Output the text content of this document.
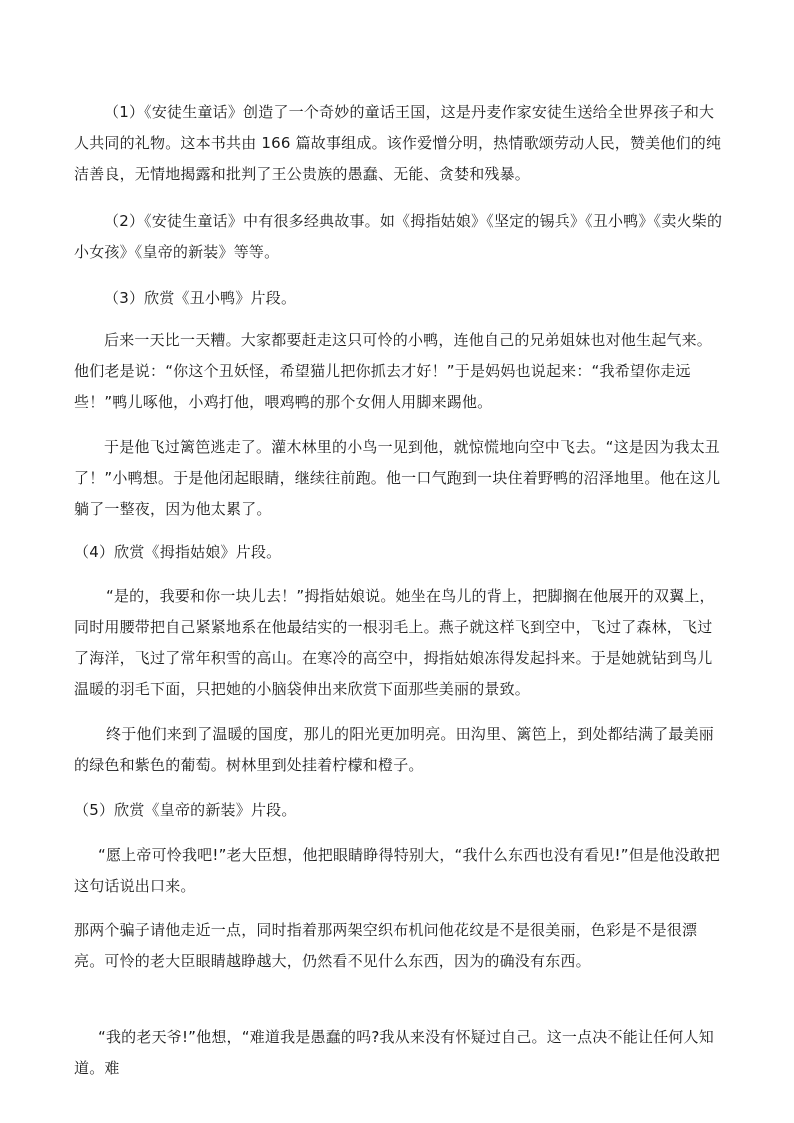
（1）《安徒生童话》创造了一个奇妙的童话王国，这是丹麦作家安徒生送给全世界孩子和大人共同的礼物。这本书共由 166 篇故事组成。该作爱憎分明，热情歌颂劳动人民，赞美他们的纯洁善良，无情地揭露和批判了王公贵族的愚蠢、无能、贪婪和残暴。

（2）《安徒生童话》中有很多经典故事。如《拇指姑娘》《坚定的锡兵》《丑小鸭》《卖火柴的小女孩》《皇帝的新装》等等。

（3）欣赏《丑小鸭》片段。

后来一天比一天糟。大家都要赶走这只可怜的小鸭，连他自己的兄弟姐妹也对他生起气来。他们老是说：“你这个丑妖怪，希望猫儿把你抓去才好！”于是妈妈也说起来：“我希望你走远些！”鸭儿啄他，小鸡打他，喂鸡鸭的那个女佣人用脚来踢他。

于是他飞过篱笆逃走了。灌木林里的小鸟一见到他，就惊慌地向空中飞去。“这是因为我太丑了！”小鸭想。于是他闭起眼睛，继续往前跑。他一口气跑到一块住着野鸭的沼泽地里。他在这儿躺了一整夜，因为他太累了。

（4）欣赏《拇指姑娘》片段。

“是的，我要和你一块儿去！”拇指姑娘说。她坐在鸟儿的背上，把脚搁在他展开的双翼上，同时用腰带把自己紧紧地系在他最结实的一根羽毛上。燕子就这样飞到空中，飞过了森林，飞过了海洋，飞过了常年积雪的高山。在寒冷的高空中，拇指姑娘冻得发起抖来。于是她就钻到鸟儿温暖的羽毛下面，只把她的小脑袋伸出来欣赏下面那些美丽的景致。

终于他们来到了温暖的国度，那儿的阳光更加明亮。田沟里、篱笆上，到处都结满了最美丽的绿色和紫色的葡萄。树林里到处挂着柠檬和橙子。

（5）欣赏《皇帝的新装》片段。

“愿上帝可怜我吧!”老大臣想，他把眼睛睁得特别大，“我什么东西也没有看见!”但是他没敢把这句话说出口来。

那两个骗子请他走近一点，同时指着那两架空织布机问他花纹是不是很美丽，色彩是不是很漂亮。可怜的老大臣眼睛越睁越大，仍然看不见什么东西，因为的确没有东西。

“我的老天爷!”他想，“难道我是愚蠢的吗?我从来没有怀疑过自己。这一点决不能让任何人知道。难
